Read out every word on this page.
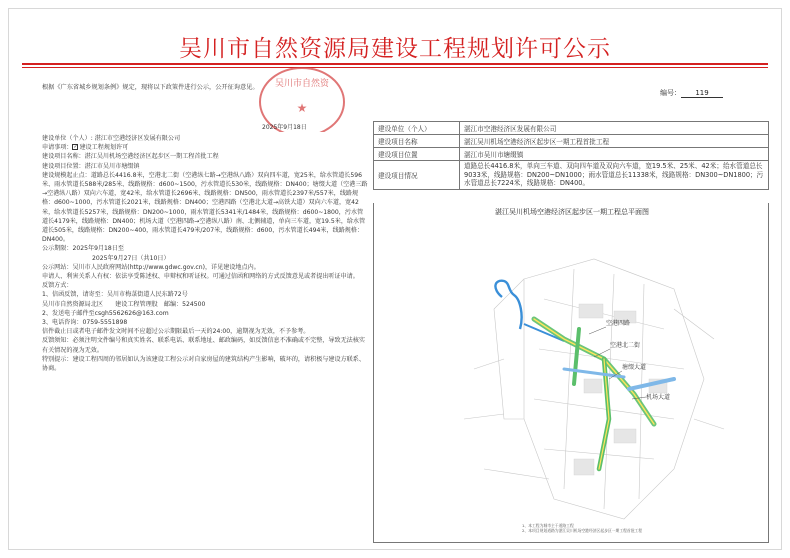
吴川市自然资源局建设工程规划许可公示
根据《广东省城乡规划条例》规定，现将以下政策件进行公示，公开征询意见。 吴川市自然资
★
2025年9月18日
编号： 119

建设单位（个人）: 湛江市空港经济区发展有限公司

申请事项：✓ 建设工程规划许可

建设项目名称：湛江吴川机场空港经济区起步区一期工程首批工程

建设项目位置：湛江市吴川市塘缀镇

建设规模起止点：道路总长4416.8米，空港北二街（空港纵七路→空港纵八路）双向四车道，宽25米，给水管道长596米、雨水管道长588米/285米、线路规格：d600~1500，污水管道长530米，线路规格：DN400；塘缀大道（空港三路→空港纵八路）双向六车道，宽42米，给水管道长2696米、线路规格：DN500，雨水管道长2397米/557米，线路规格：d600~1000，污水管道长2021米，线路规格：DN400；空港四路（空港北大道→高铁大道）双向六车道，宽42米，给水管道长5257米，线路规格：DN200~1000，雨水管道长5341米/1484米，线路规格：d600~1800，污水管道长4179米，线路规格：DN400；机场大道（空港四路→空港纵八路）南、北侧辅道，单向三车道，宽19.5米，给水管道长505米，线路规格：DN200~400，雨水管道长479米/207米，线路规格：d600，污水管道长494米，线路规格：DN400。

公示期限：2025年9月18日至

2025年9月27日（共10日）

公示网站：吴川市人民政府网站(http://www.gdwc.gov.cn)，详见建设地点内。

申请人、利害关系人有权：依法享受陈述权、申辩权和听证权。可通过信函和网络的方式反馈意见或者提出听证申请。

反馈方式：

1、信函反馈，请寄至：吴川市梅菉街道人民东路72号

吴川市自然资源局北区　　建设工程管理股　邮编：524500

2、发送电子邮件至csgh5562626@163.com

3、电话咨询：0759-5551898

信件截止日或者电子邮件发文时间不应超过公示期限最后一天的24:00，逾期视为无效，不予参考。

反馈须知：必须注明文件编号和真实姓名、联系电话、联系地址、邮政编码，如反馈信息不准确或不完整，导致无法核实有关情况的视为无效。

特别提示：建设工程四周的邻居如认为该建设工程公示对自家房屋的建筑结构产生影响，破坏的，请积极与建设方联系、协商。

建设单位（个人）	湛江市空港经济区发展有限公司
建设项目名称	湛江吴川机场空港经济区起步区一期工程首批工程
建设项目位置	湛江市吴川市塘缀镇
建设项目情况	道路总长4416.8米，单向三车道、双向四车道及双向六车道，宽19.5米、25米、42米；给水管道总长9033米，线路规格：DN200~DN1000；雨水管道总长11338米，线路规格：DN300~DN1800；污水管道总长7224米，线路规格：DN400。
湛江吴川机场空港经济区起步区一期工程总平面图
空港四路
空港北二街
塘缀大道
机场大道
1、本工程为城市主干道路工程
2、本项目规划道路为湛江吴川机场空港经济区起步区一期工程首批工程
